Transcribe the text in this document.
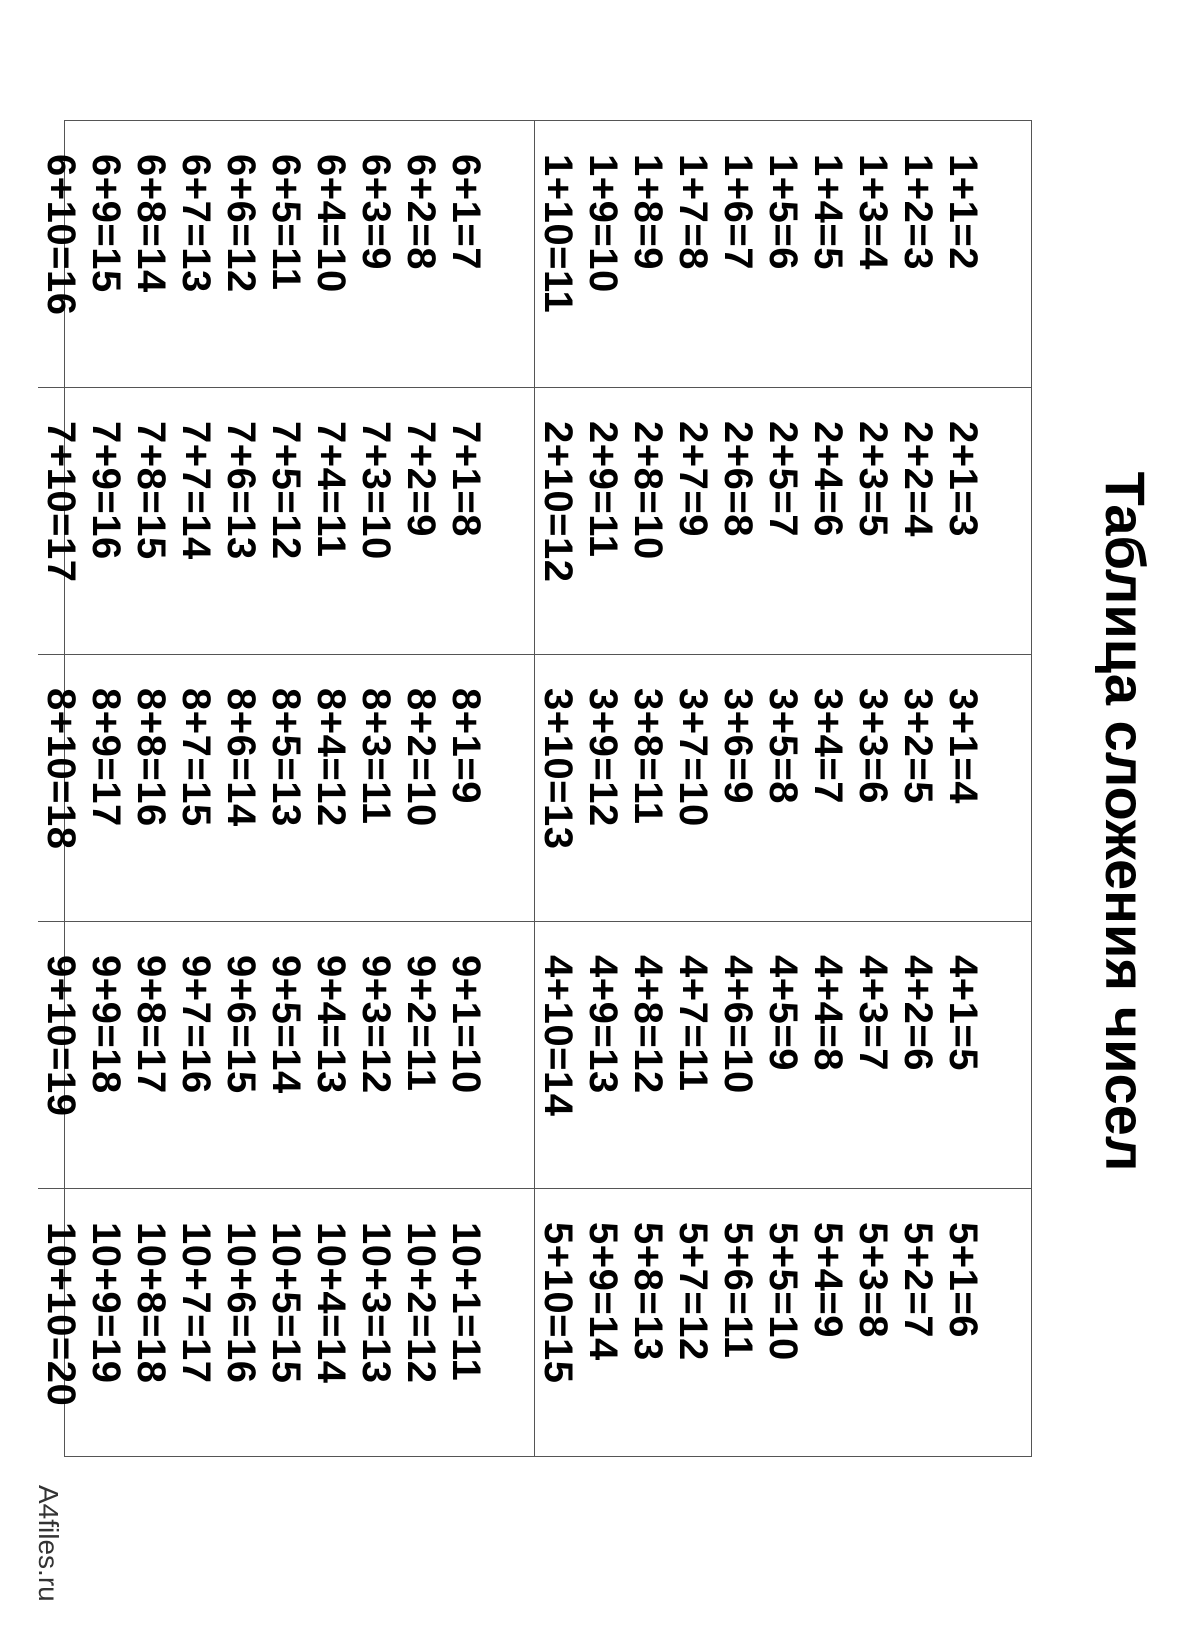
Таблица сложения чисел
1+1=2
1+2=3
1+3=4
1+4=5
1+5=6
1+6=7
1+7=8
1+8=9
1+9=10
1+10=11
2+1=3
2+2=4
2+3=5
2+4=6
2+5=7
2+6=8
2+7=9
2+8=10
2+9=11
2+10=12
3+1=4
3+2=5
3+3=6
3+4=7
3+5=8
3+6=9
3+7=10
3+8=11
3+9=12
3+10=13
4+1=5
4+2=6
4+3=7
4+4=8
4+5=9
4+6=10
4+7=11
4+8=12
4+9=13
4+10=14
5+1=6
5+2=7
5+3=8
5+4=9
5+5=10
5+6=11
5+7=12
5+8=13
5+9=14
5+10=15
6+1=7
6+2=8
6+3=9
6+4=10
6+5=11
6+6=12
6+7=13
6+8=14
6+9=15
6+10=16
7+1=8
7+2=9
7+3=10
7+4=11
7+5=12
7+6=13
7+7=14
7+8=15
7+9=16
7+10=17
8+1=9
8+2=10
8+3=11
8+4=12
8+5=13
8+6=14
8+7=15
8+8=16
8+9=17
8+10=18
9+1=10
9+2=11
9+3=12
9+4=13
9+5=14
9+6=15
9+7=16
9+8=17
9+9=18
9+10=19
10+1=11
10+2=12
10+3=13
10+4=14
10+5=15
10+6=16
10+7=17
10+8=18
10+9=19
10+10=20
A4files.ru
